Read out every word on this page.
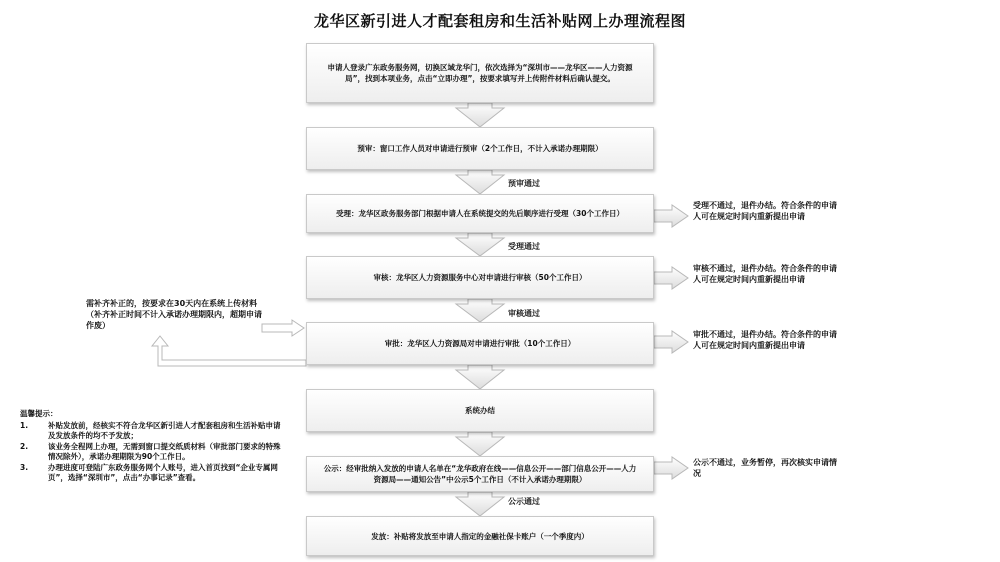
龙华区新引进人才配套租房和生活补贴网上办理流程图
申请人登录广东政务服务网，切换区域龙华门，依次选择为“深圳市——龙华区——人力资源局”，找到本项业务，点击“立即办理”，按要求填写并上传附件材料后确认提交。
预审：窗口工作人员对申请进行预审（2个工作日，不计入承诺办理期限）
受理：龙华区政务服务部门根据申请人在系统提交的先后顺序进行受理（30个工作日）
审核：龙华区人力资源服务中心对申请进行审核（50个工作日）
审批：龙华区人力资源局对申请进行审批（10个工作日）
系统办结
公示：经审批纳入发放的申请人名单在“龙华政府在线——信息公开——部门信息公开——人力资源局——通知公告”中公示5个工作日（不计入承诺办理期限）
发放：补贴将发放至申请人指定的金融社保卡账户（一个季度内）
预审通过
受理通过
审核通过
公示通过
受理不通过，退件办结。符合条件的申请人可在规定时间内重新提出申请
审核不通过，退件办结。符合条件的申请人可在规定时间内重新提出申请
审批不通过，退件办结。符合条件的申请人可在规定时间内重新提出申请
公示不通过，业务暂停，再次核实申请情况
需补齐补正的，按要求在30天内在系统上传材料（补齐补正时间不计入承诺办理期限内，超期申请作废）
温馨提示：
1.	补贴发放前，经核实不符合龙华区新引进人才配套租房和生活补贴申请及发放条件的均不予发放；
2.	该业务全程网上办理，无需到窗口提交纸质材料（审批部门要求的特殊情况除外），承诺办理期限为90个工作日。
3.	办理进度可登陆广东政务服务网个人账号，进入首页找到“企业专属网页”，选择“深圳市”，点击“办事记录”查看。
